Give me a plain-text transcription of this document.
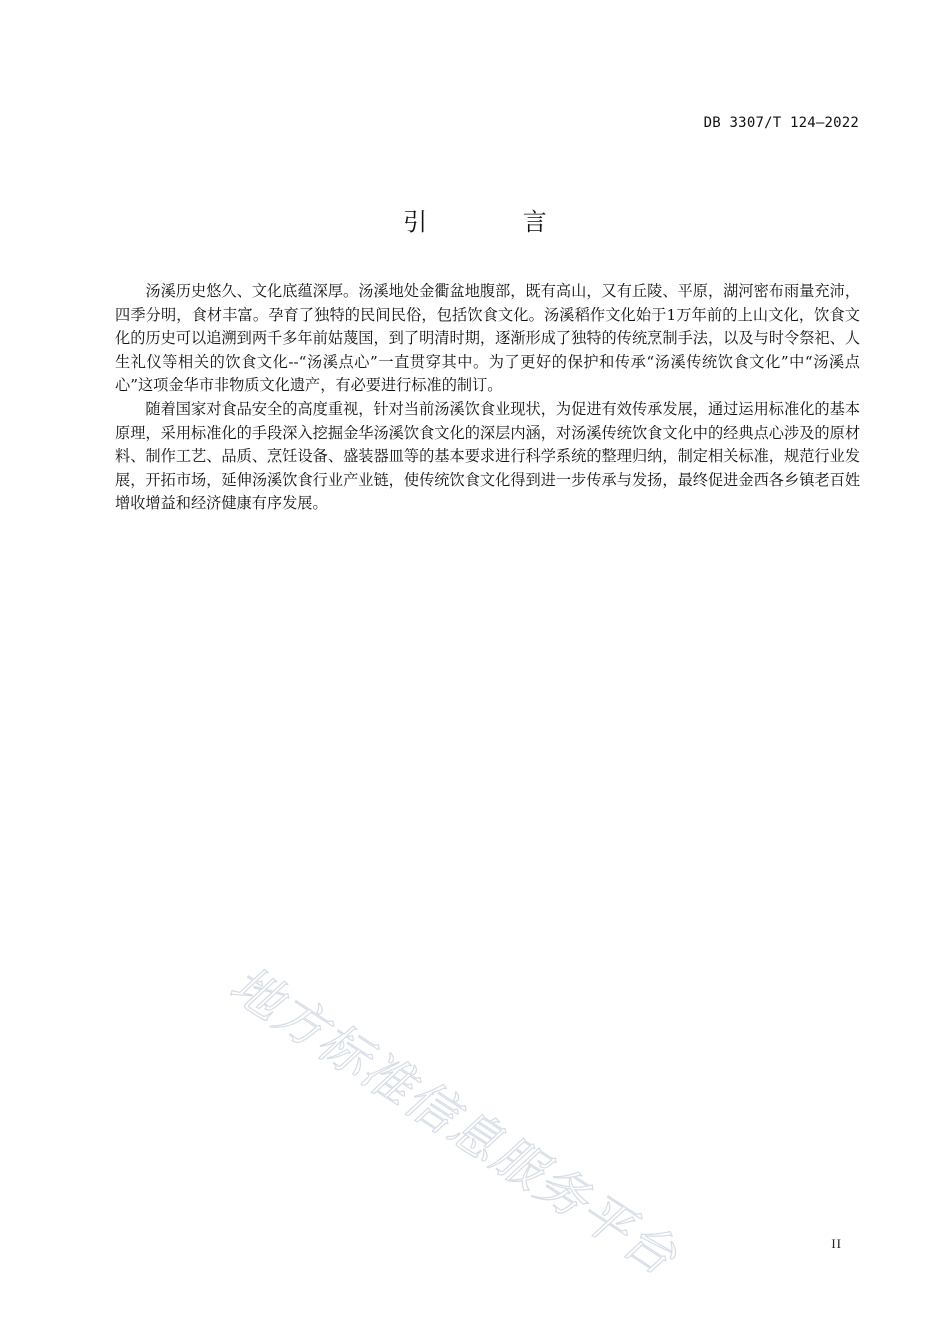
DB 3307/T 124—2022
引 言

汤溪历史悠久、文化底蕴深厚。汤溪地处金衢盆地腹部，既有高山，又有丘陵、平原，湖河密布雨量充沛，四季分明，食材丰富。孕育了独特的民间民俗，包括饮食文化。汤溪稻作文化始于1万年前的上山文化，饮食文化的历史可以追溯到两千多年前姑蔑国，到了明清时期，逐渐形成了独特的传统烹制手法，以及与时令祭祀、人生礼仪等相关的饮食文化--“汤溪点心”一直贯穿其中。为了更好的保护和传承“汤溪传统饮食文化”中“汤溪点心”这项金华市非物质文化遗产，有必要进行标准的制订。

随着国家对食品安全的高度重视，针对当前汤溪饮食业现状，为促进有效传承发展，通过运用标准化的基本原理，采用标准化的手段深入挖掘金华汤溪饮食文化的深层内涵，对汤溪传统饮食文化中的经典点心涉及的原材料、制作工艺、品质、烹饪设备、盛装器皿等的基本要求进行科学系统的整理归纳，制定相关标准，规范行业发展，开拓市场，延伸汤溪饮食行业产业链，使传统饮食文化得到进一步传承与发扬，最终促进金西各乡镇老百姓增收增益和经济健康有序发展。

地方标准信息服务平台	II
